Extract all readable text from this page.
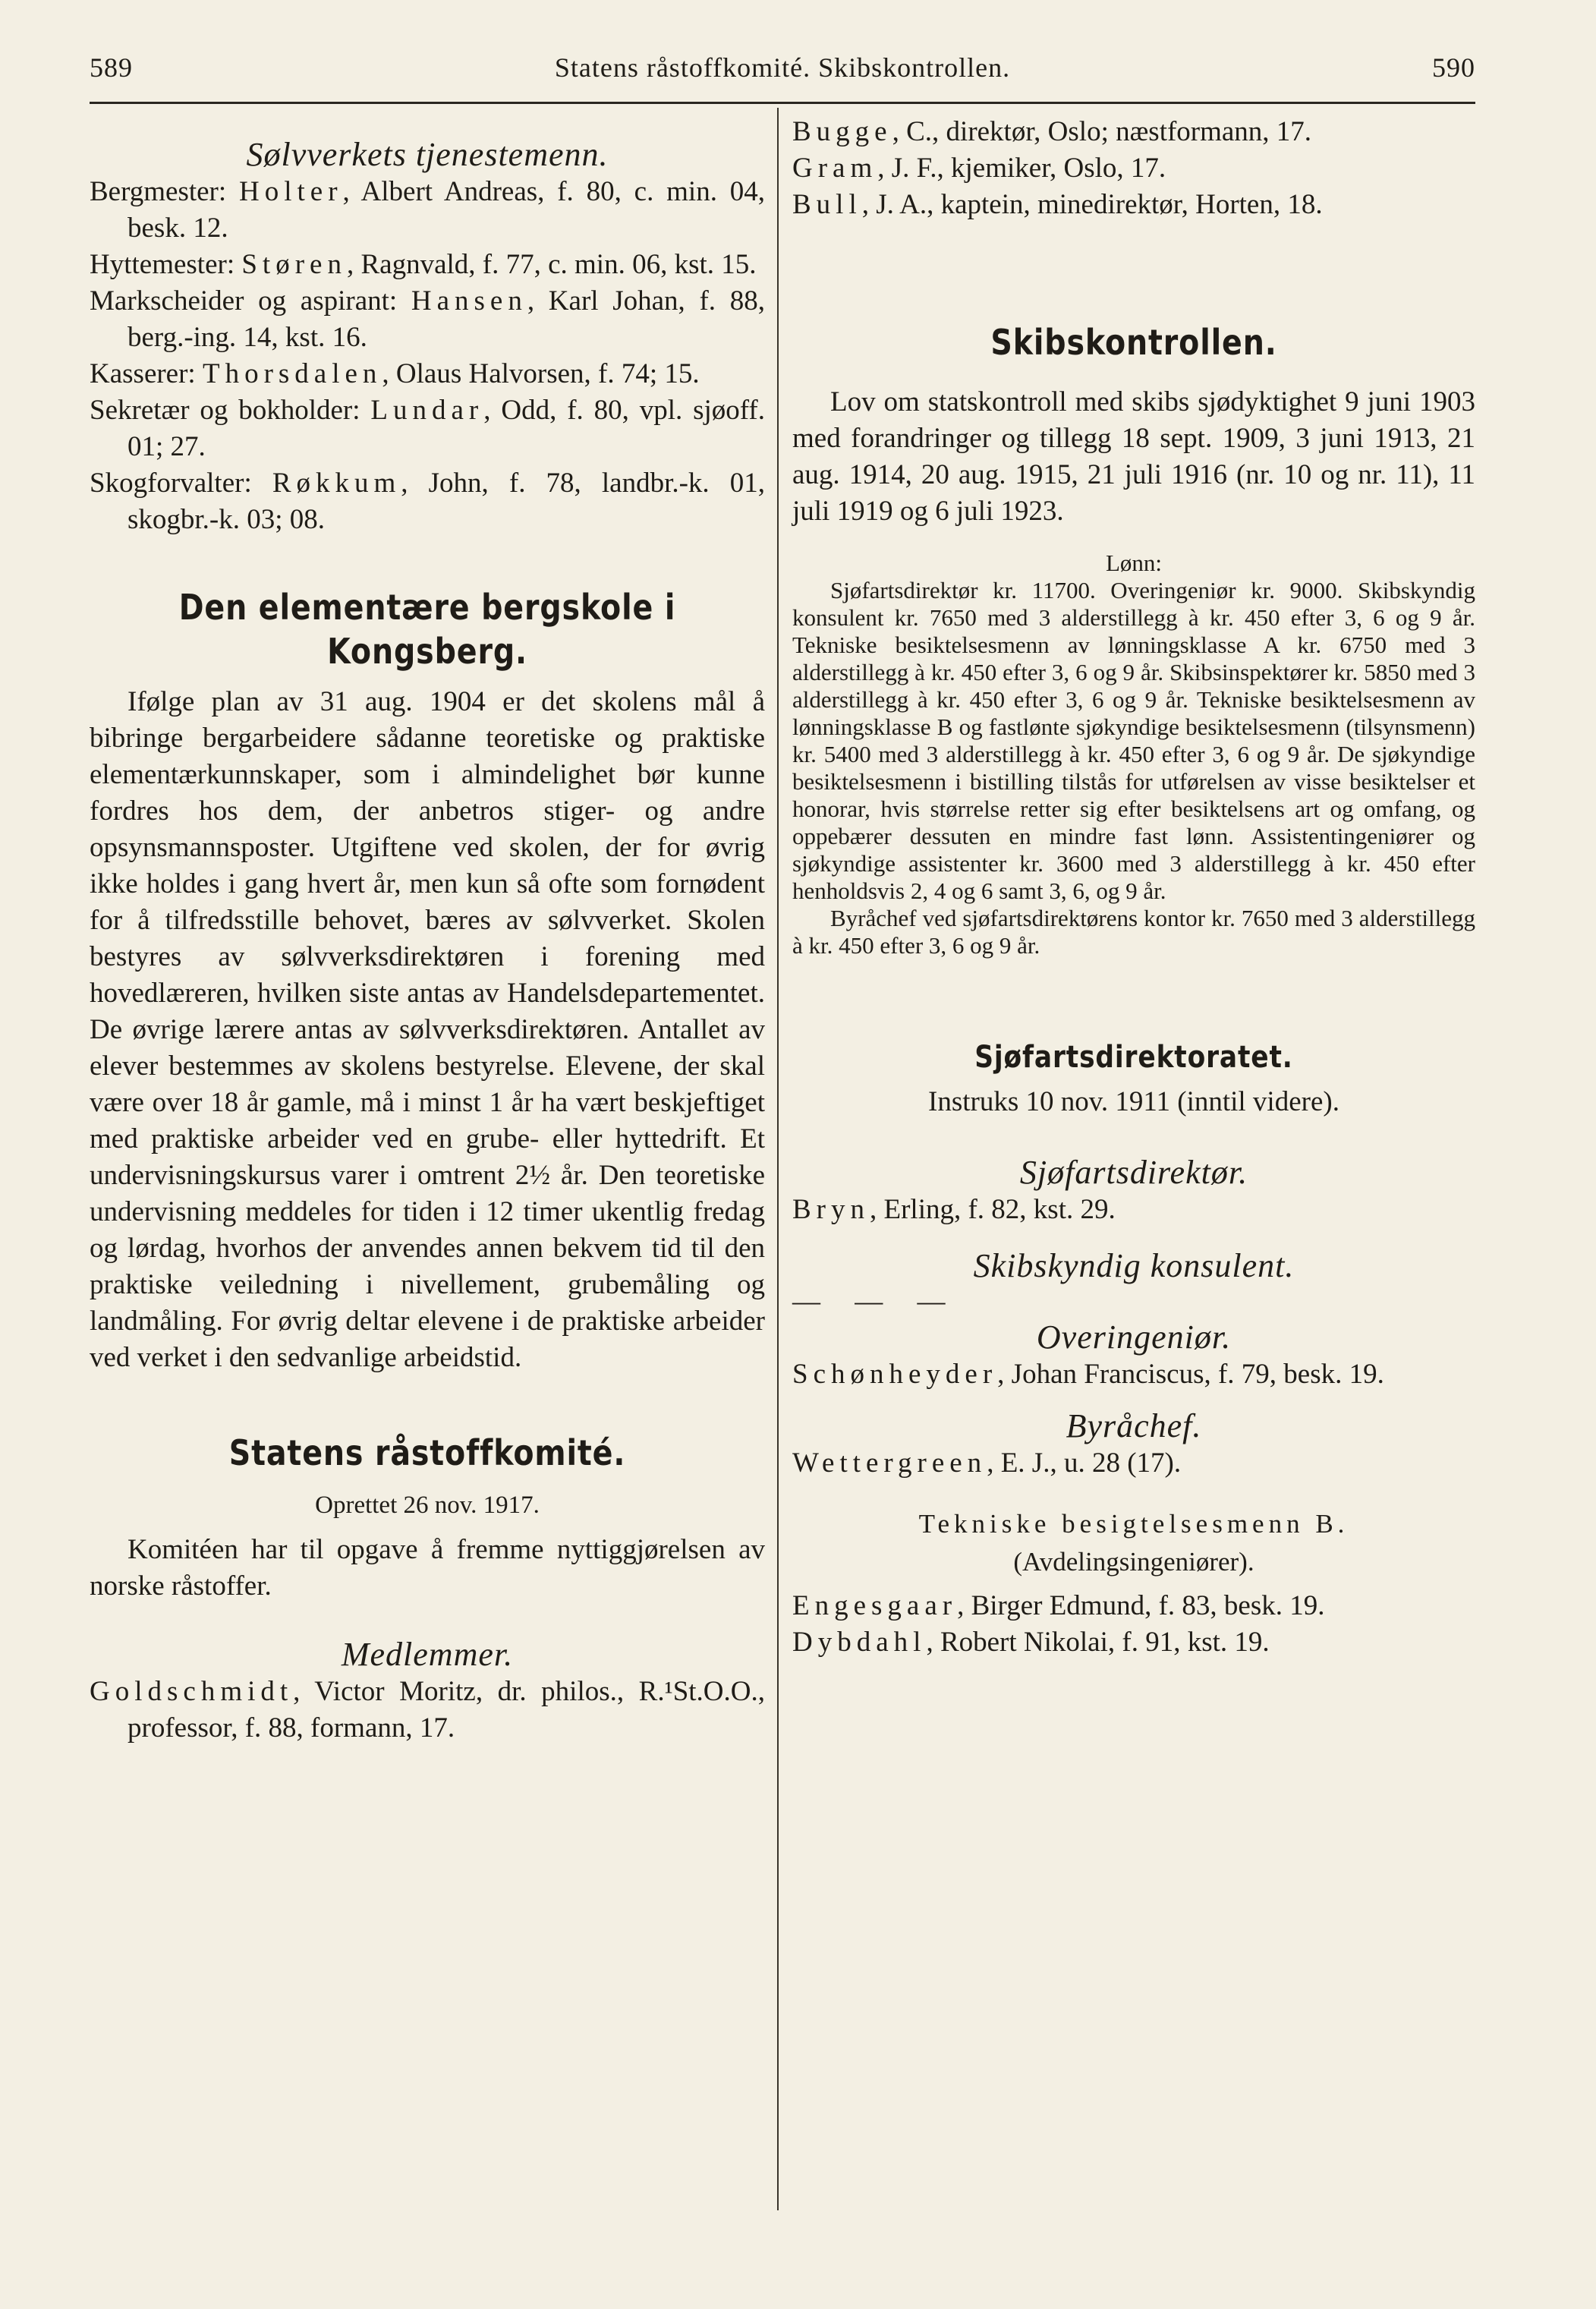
589	Statens råstoffkomité. Skibskontrollen.	590

Sølvverkets tjenestemenn.

Bergmester: Holter, Albert Andreas, f. 80, c. min. 04, besk. 12.

Hyttemester: Støren, Ragnvald, f. 77, c. min. 06, kst. 15.

Markscheider og aspirant: Hansen, Karl Johan, f. 88, berg.-ing. 14, kst. 16.

Kasserer: Thorsdalen, Olaus Halvorsen, f. 74; 15.

Sekretær og bokholder: Lundar, Odd, f. 80, vpl. sjøoff. 01; 27.

Skogforvalter: Røkkum, John, f. 78, landbr.-k. 01, skogbr.-k. 03; 08.

Den elementære bergskole i

Kongsberg.

Ifølge plan av 31 aug. 1904 er det skolens mål å bibringe bergarbeidere sådanne teoretiske og praktiske elementærkunnskaper, som i almindelighet bør kunne fordres hos dem, der anbetros stiger- og andre opsynsmannsposter. Utgiftene ved skolen, der for øvrig ikke holdes i gang hvert år, men kun så ofte som fornødent for å tilfredsstille behovet, bæres av sølvverket. Skolen bestyres av sølvverksdirektøren i forening med hovedlæreren, hvilken siste antas av Handelsdepartementet. De øvrige lærere antas av sølvverksdirektøren. Antallet av elever bestemmes av skolens bestyrelse. Elevene, der skal være over 18 år gamle, må i minst 1 år ha vært beskjeftiget med praktiske arbeider ved en grube- eller hyttedrift. Et undervisningskursus varer i omtrent 2½ år. Den teoretiske undervisning meddeles for tiden i 12 timer ukentlig fredag og lørdag, hvorhos der anvendes annen bekvem tid til den praktiske veiledning i nivellement, grubemåling og landmåling. For øvrig deltar elevene i de praktiske arbeider ved verket i den sedvanlige arbeidstid.

Statens råstoffkomité.

Oprettet 26 nov. 1917.

Komitéen har til opgave å fremme nyttiggjørelsen av norske råstoffer.

Medlemmer.

Goldschmidt, Victor Moritz, dr. philos., R.¹St.O.O., professor, f. 88, formann, 17.

Bugge, C., direktør, Oslo; næstformann, 17.

Gram, J. F., kjemiker, Oslo, 17.

Bull, J. A., kaptein, minedirektør, Horten, 18.

Skibskontrollen.

Lov om statskontroll med skibs sjødyktighet 9 juni 1903 med forandringer og tillegg 18 sept. 1909, 3 juni 1913, 21 aug. 1914, 20 aug. 1915, 21 juli 1916 (nr. 10 og nr. 11), 11 juli 1919 og 6 juli 1923.

Lønn:

Sjøfartsdirektør kr. 11700. Overingeniør kr. 9000. Skibskyndig konsulent kr. 7650 med 3 alderstillegg à kr. 450 efter 3, 6 og 9 år. Tekniske besiktelsesmenn av lønningsklasse A kr. 6750 med 3 alderstillegg à kr. 450 efter 3, 6 og 9 år. Skibsinspektører kr. 5850 med 3 alderstillegg à kr. 450 efter 3, 6 og 9 år. Tekniske besiktelsesmenn av lønningsklasse B og fastlønte sjøkyndige besiktelsesmenn (tilsynsmenn) kr. 5400 med 3 alderstillegg à kr. 450 efter 3, 6 og 9 år. De sjøkyndige besiktelsesmenn i bistilling tilstås for utførelsen av visse besiktelser et honorar, hvis størrelse retter sig efter besiktelsens art og omfang, og oppebærer dessuten en mindre fast lønn. Assistentingeniører og sjøkyndige assistenter kr. 3600 med 3 alderstillegg à kr. 450 efter henholdsvis 2, 4 og 6 samt 3, 6, og 9 år.

Byråchef ved sjøfartsdirektørens kontor kr. 7650 med 3 alderstillegg à kr. 450 efter 3, 6 og 9 år.

Sjøfartsdirektoratet.

Instruks 10 nov. 1911 (inntil videre).

Sjøfartsdirektør.

Bryn, Erling, f. 82, kst. 29.

Skibskyndig konsulent.

— — —

Overingeniør.

Schønheyder, Johan Franciscus, f. 79, besk. 19.

Byråchef.

Wettergreen, E. J., u. 28 (17).

Tekniske besigtelsesmenn B.

(Avdelingsingeniører).

Engesgaar, Birger Edmund, f. 83, besk. 19.

Dybdahl, Robert Nikolai, f. 91, kst. 19.
